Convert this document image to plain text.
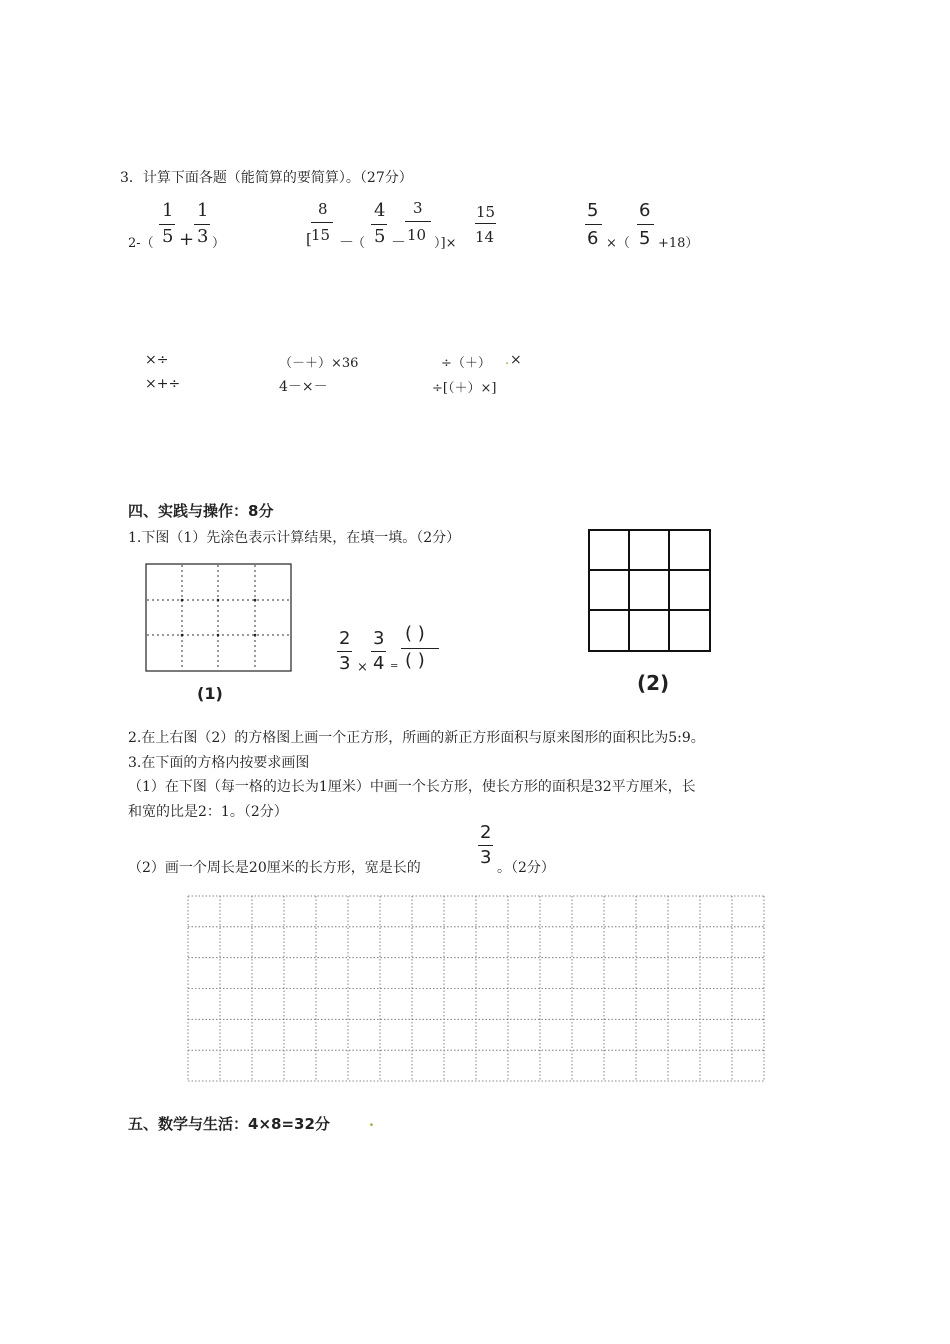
3．计算下面各题（能简算的要简算）。（27分）
2-（
1
5 +
1
3 ）	[
8
15 －
（
4
5 －
3
10 ）]×
15
14
5
6 ×（
6
5 +18）
×÷	（－＋）×36	÷（＋） . ×
×+÷	4－×－	÷[（＋）×]
四、实践与操作：8分
1.下图（1）先涂色表示计算结果，在填一填。（2分）
(1)
2
3 ×
3
4 =
( )
( )
(2)
2.在上右图（2）的方格图上画一个正方形，所画的新正方形面积与原来图形的面积比为5:9。
3.在下面的方格内按要求画图
（1）在下图（每一格的边长为1厘米）中画一个长方形，使长方形的面积是32平方厘米，长
和宽的比是2：1。（2分）
（2）画一个周长是20厘米的长方形，宽是长的
2
3 。（2分）
五、数学与生活：4×8=32分	.
